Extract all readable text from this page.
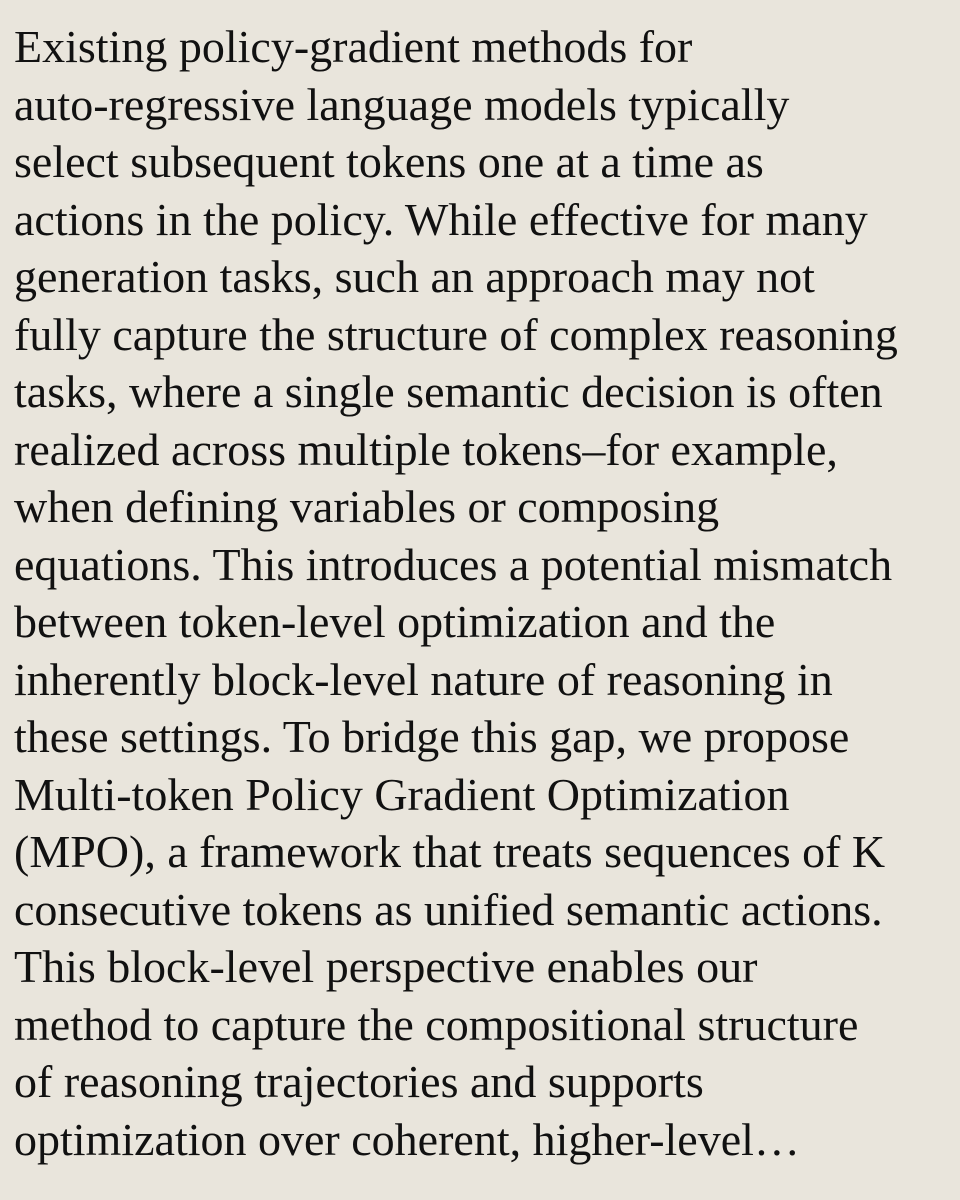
Existing policy-gradient methods for
auto-regressive language models typically
select subsequent tokens one at a time as
actions in the policy. While effective for many
generation tasks, such an approach may not
fully capture the structure of complex reasoning
tasks, where a single semantic decision is often
realized across multiple tokens–for example,
when defining variables or composing
equations. This introduces a potential mismatch
between token-level optimization and the
inherently block-level nature of reasoning in
these settings. To bridge this gap, we propose
Multi-token Policy Gradient Optimization
(MPO), a framework that treats sequences of K
consecutive tokens as unified semantic actions.
This block-level perspective enables our
method to capture the compositional structure
of reasoning trajectories and supports
optimization over coherent, higher-level…
